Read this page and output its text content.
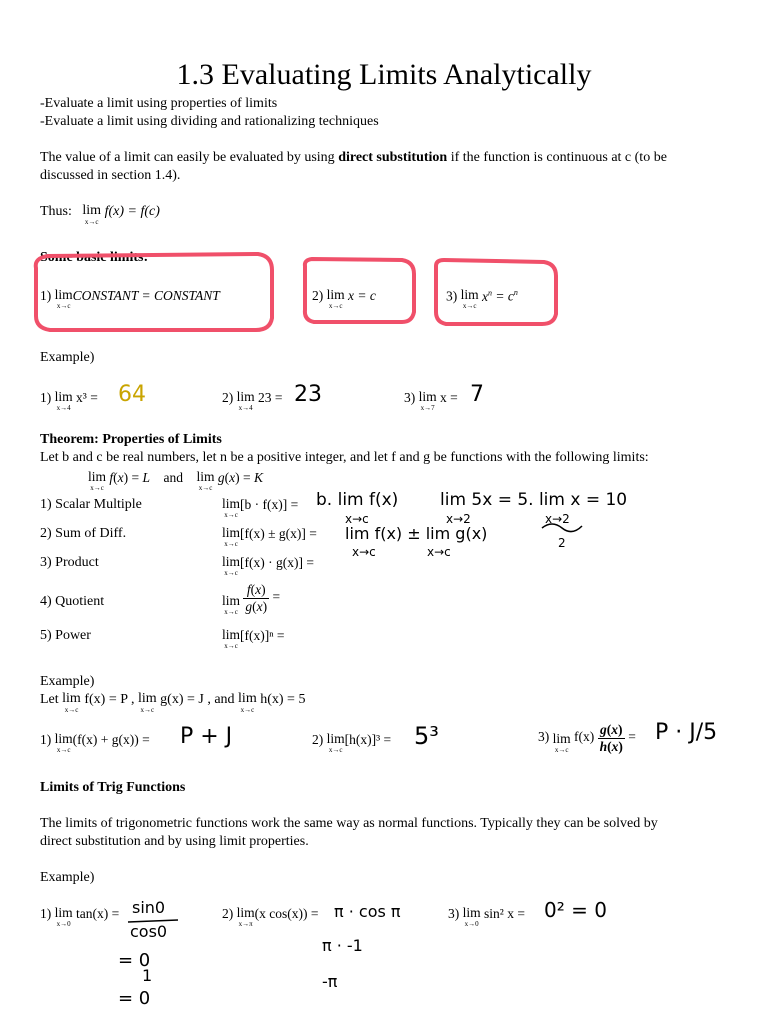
1.3 Evaluating Limits Analytically
-Evaluate a limit using properties of limits
-Evaluate a limit using dividing and rationalizing techniques
The value of a limit can easily be evaluated by using direct substitution if the function is continuous at c (to be
discussed in section 1.4).
Thus: lim
x→c
f(x) = f(c)
Some basic limits:
1) lim
x→c
CONSTANT = CONSTANT	2) lim
x→c
x = c	3) lim
x→c
$x^n = c^n$
Example)
1) lim
x→4
x³ = 64	2) lim
x→4
23 = 23	3) lim
x→7
x = 7
Theorem: Properties of Limits
Let b and c be real numbers, let n be a positive integer, and let f and g be functions with the following limits:
lim
x→c
f(x) = L and lim
x→c
g(x) = K
1) Scalar Multiple	lim
x→c
[b · f(x)] = b. lim f(x)
x→c
lim 5x = 5. lim x = 10
x→2	x→2
2
2) Sum of Diff.	lim
x→c
[f(x) ± g(x)] = lim f(x) ± lim g(x)
x→c	x→c
3) Product	lim
x→c
[f(x) · g(x)] =
4) Quotient	lim
x→c
$\frac{f(x)}{g(x)}$ =
5) Power	lim
x→c
[f(x)]ⁿ =
Example)
Let lim
x→c
f(x) = P , lim
x→c
g(x) = J , and lim
x→c
h(x) = 5
1) lim
x→c
(f(x) + g(x)) = P + J	2) lim
x→c
[h(x)]³ = 5³	3) lim
x→c
$f(x) \frac{g(x)}{h(x)} = P \cdot J/5$
Limits of Trig Functions
The limits of trigonometric functions work the same way as normal functions. Typically they can be solved by
direct substitution and by using limit properties.
Example)
1) lim
x→0
tan(x) = sin0
cos0
= 0
1
= 0
2) lim
x→π
(x cos(x)) = π · cos π
π · -1
-π
3) lim
x→0
sin² x = 0² = 0
